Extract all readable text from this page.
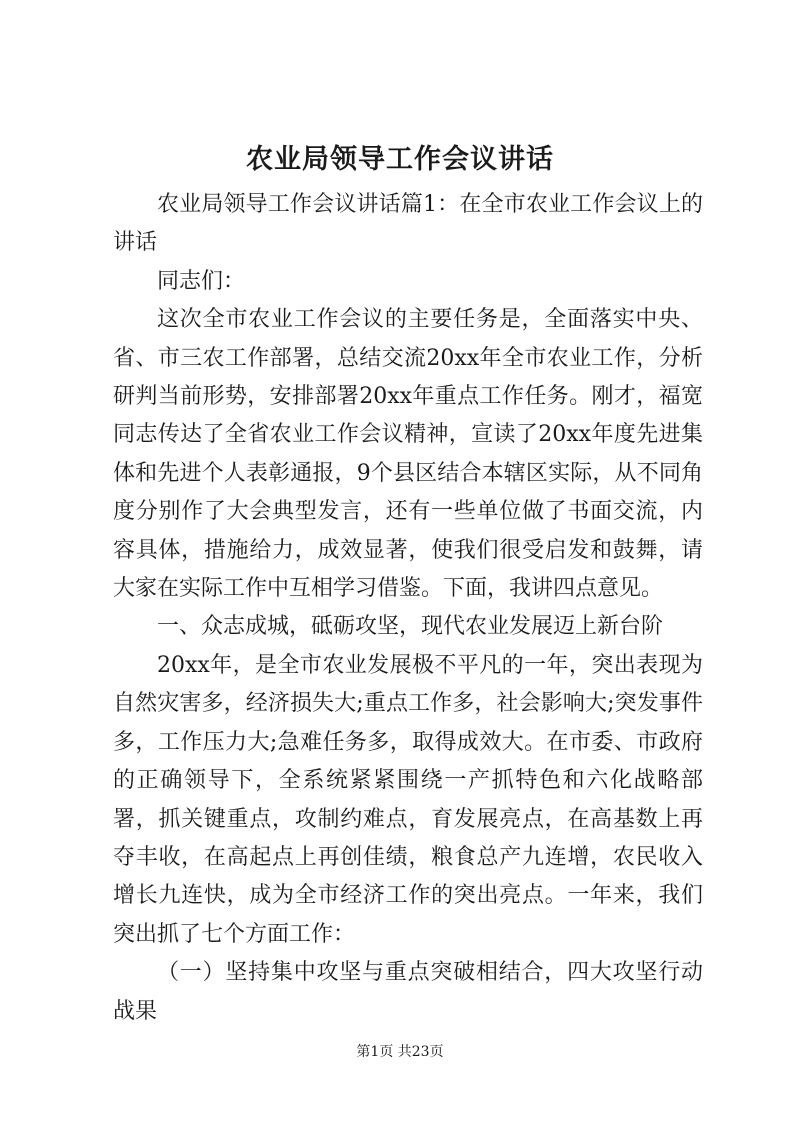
农业局领导工作会议讲话

农业局领导工作会议讲话篇1：在全市农业工作会议上的讲话

同志们：

这次全市农业工作会议的主要任务是，全面落实中央、省、市三农工作部署，总结交流20xx年全市农业工作，分析研判当前形势，安排部署20xx年重点工作任务。刚才，福宽同志传达了全省农业工作会议精神，宣读了20xx年度先进集体和先进个人表彰通报，9个县区结合本辖区实际，从不同角度分别作了大会典型发言，还有一些单位做了书面交流，内容具体，措施给力，成效显著，使我们很受启发和鼓舞，请大家在实际工作中互相学习借鉴。下面，我讲四点意见。

一、众志成城，砥砺攻坚，现代农业发展迈上新台阶

20xx年，是全市农业发展极不平凡的一年，突出表现为自然灾害多，经济损失大;重点工作多，社会影响大;突发事件多，工作压力大;急难任务多，取得成效大。在市委、市政府的正确领导下，全系统紧紧围绕一产抓特色和六化战略部署，抓关键重点，攻制约难点，育发展亮点，在高基数上再夺丰收，在高起点上再创佳绩，粮食总产九连增，农民收入增长九连快，成为全市经济工作的突出亮点。一年来，我们突出抓了七个方面工作：

（一）坚持集中攻坚与重点突破相结合，四大攻坚行动战果

第1页 共23页
